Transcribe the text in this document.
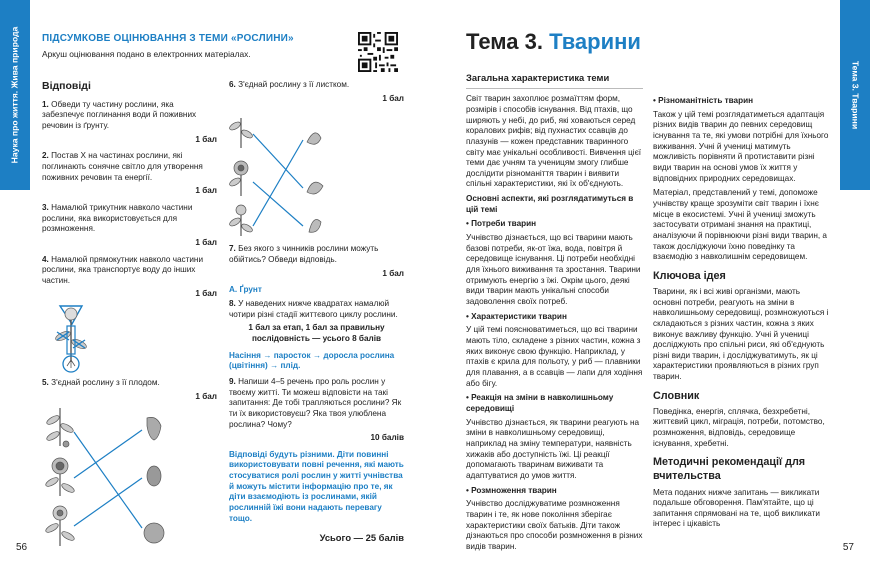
Наука про життя. Жива природа ПІДСУМКОВЕ ОЦІНЮВАННЯ З ТЕМИ «РОСЛИНИ»
Аркуш оцінювання подано в електронних матеріалах.
Відповіді
1. Обведи ту частину рослини, яка забезпечує поглинання води й поживних речовин із ґрунту.
1 бал
2. Постав Х на частинах рослини, які поглинають сонячне світло для утворення поживних речовин та енергії.
1 бал
3. Намалюй трикутник навколо частини рослини, яка використовується для розмноження.
1 бал
4. Намалюй прямокутник навколо частини рослини, яка транспортує воду до інших частин.
1 бал
5. З'єднай рослину з її плодом.
1 бал
6. З'єднай рослину з її листком.
1 бал
7. Без якого з чинників рослини можуть обійтись? Обведи відповідь.
1 бал
А. Ґрунт
8. У наведених нижче квадратах намалюй чотири різні стадії життєвого циклу рослини.
1 бал за етап, 1 бал за правильну послідовність — усього 8 балів
Насіння → паросток → доросла рослина (цвітіння) → плід.
9. Напиши 4–5 речень про роль рослин у твоєму житті. Ти можеш відповісти на такі запитання: Де тобі трапляються рослини? Як ти їх використовуєш? Яка твоя улюблена рослина? Чому?
10 балів
Відповіді будуть різними. Діти повинні використовувати повні речення, які мають стосуватися ролі рослин у житті учнівства й можуть містити інформацію про те, як діти взаємодіють із рослинами, якій рослинній їжі вони надають перевагу тощо.
Усього — 25 балів
56
Тема 3. Тварини
57
Тема 3. Тварини
Загальна характеристика теми
Світ тварин захоплює розмаїттям форм, розмірів і способів існування. Від птахів, що ширяють у небі, до риб, які ховаються серед коралових рифів; від пухнастих ссавців до плазунів — кожен представник тваринного світу має унікальні особливості. Вивчення цієї теми дає учням та ученицям змогу глибше дослідити різноманіття тварин і виявити спільні характеристики, які їх об'єднують.
Основні аспекти, які розглядатимуться в цій темі
• Потреби тварин
Учнівство дізнається, що всі тварини мають базові потреби, як-от їжа, вода, повітря й середовище існування. Ці потреби необхідні для їхнього виживання та зростання. Тварини отримують енергію з їжі. Окрім цього, деякі види тварин мають унікальні способи задоволення своїх потреб.
• Характеристики тварин
У цій темі пояснюватиметься, що всі тварини мають тіло, складене з різних частин, кожна з яких виконує свою функцію. Наприклад, у птахів є крила для польоту, у риб — плавники для плавання, а в ссавців — лапи для ходіння або бігу.
• Реакція на зміни в навколишньому середовищі
Учнівство дізнається, як тварини реагують на зміни в навколишньому середовищі, наприклад на зміну температури, наявність хижаків або доступність їжі. Ці реакції допомагають тваринам виживати та адаптуватися до умов життя.
• Розмноження тварин
Учнівство досліджуватиме розмноження тварин і те, як нове покоління зберігає характеристики своїх батьків. Діти також дізнаються про способи розмноження в різних видів тварин.
• Різноманітність тварин
Також у цій темі розглядатиметься адаптація різних видів тварин до певних середовищ існування та те, які умови потрібні для їхнього виживання. Учні й учениці матимуть можливість порівняти й протиставити різні види тварин на основі умов їх життя у відповідних природних середовищах.
Матеріал, представлений у темі, допоможе учнівству краще зрозуміти світ тварин і їхнє місце в екосистемі. Учні й учениці зможуть застосувати отримані знання на практиці, аналізуючи й порівнюючи різні види тварин, а також досліджуючи їхню поведінку та взаємодію з навколишнім середовищем.
Ключова ідея
Тварини, як і всі живі організми, мають основні потреби, реагують на зміни в навколишньому середовищі, розмножуються і складаються з різних частин, кожна з яких виконує важливу функцію. Учні й учениці досліджують про спільні риси, які об'єднують різні види тварин, і досліджуватимуть, як ці характеристики проявляються в різних груп тварин.
Словник
Поведінка, енергія, сплячка, безхребетні, життєвий цикл, міграція, потреби, потомство, розмноження, відповідь, середовище існування, хребетні.
Методичні рекомендації для вчительства
Мета поданих нижче запитань — викликати подальше обговорення. Пам'ятайте, що ці запитання спрямовані на те, щоб викликати інтерес і цікавість
